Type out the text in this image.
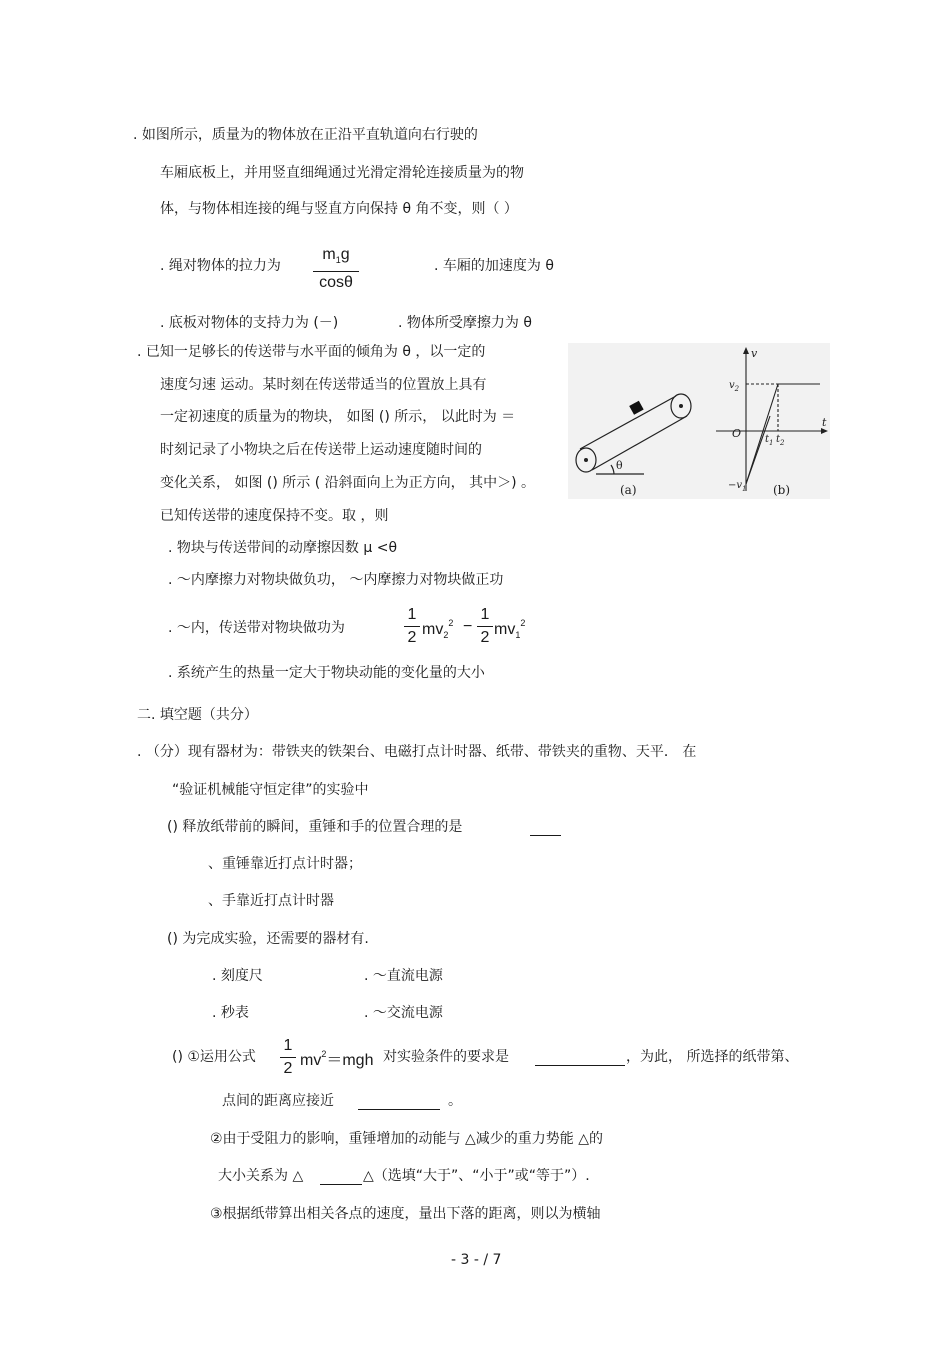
. 如图所示，质量为的物体放在正沿平直轨道向右行驶的
车厢底板上，并用竖直细绳通过光滑定滑轮连接质量为的物
体，与物体相连接的绳与竖直方向保持 θ 角不变，则（ ）
. 绳对物体的拉力为
$m_1g$
cosθ
. 车厢的加速度为 θ
. 底板对物体的支持力为 (－)	. 物体所受摩擦力为 θ
. 已知一足够长的传送带与水平面的倾角为 θ ，以一定的
速度匀速 运动。某时刻在传送带适当的位置放上具有
一定初速度的质量为的物块， 如图 () 所示， 以此时为 ＝
时刻记录了小物块之后在传送带上运动速度随时间的
变化关系， 如图 () 所示 ( 沿斜面向上为正方向， 其中＞) 。
已知传送带的速度保持不变。取 ，则
. 物块与传送带间的动摩擦因数 μ <θ
. ～内摩擦力对物块做负功， ～内摩擦力对物块做正功
. ～内，传送带对物块做功为
1
2 $mv_2^2$ −
1
2 $mv_1^2$
. 系统产生的热量一定大于物块动能的变化量的大小
θ
(a)
v
t
O
$v_2$
$-v_1$
$t_1$ $t_2$
(b)
二. 填空题（共分）
. （分）现有器材为：带铁夹的铁架台、电磁打点计时器、纸带、带铁夹的重物、天平． 在
“验证机械能守恒定律”的实验中
() 释放纸带前的瞬间，重锤和手的位置合理的是
、重锤靠近打点计时器；
、手靠近打点计时器
() 为完成实验，还需要的器材有.
. 刻度尺	. ～直流电源
. 秒表	. ～交流电源
() ①运用公式
1
2 $mv^2=mgh$ 对实验条件的要求是	，为此， 所选择的纸带第、
点间的距离应接近	。
②由于受阻力的影响，重锤增加的动能与 △减少的重力势能 △的
大小关系为 △	△（选填“大于”、“小于”或“等于”）.
③根据纸带算出相关各点的速度，量出下落的距离，则以为横轴
- 3 - / 7
